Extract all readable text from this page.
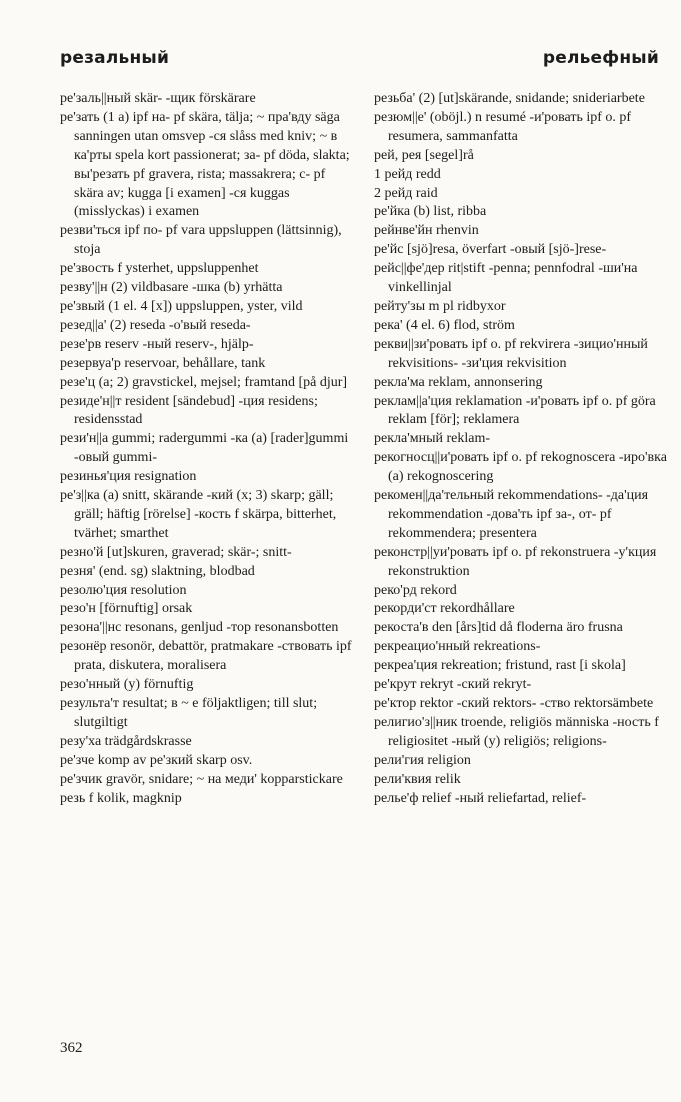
резальный	рельефный

ре'заль||ный skär- -щик förskärare

ре'зать (1 a) ipf на- pf skära, tälja; ~ пра'вду säga sanningen utan omsvep -ся slåss med kniv; ~ в ка'рты spela kort passionerat; за- pf döda, slakta; вы'резать pf gravera, rista; massakrera; с- pf skära av; kugga [i examen] -ся kuggas (misslyckas) i examen

резви'ться ipf по- pf vara uppsluppen (lättsinnig), stoja

ре'звость f ysterhet, uppsluppenhet

резву'||н (2) vildbasare -шка (b) yrhätta

ре'звый (1 el. 4 [x]) uppsluppen, yster, vild

резед||а' (2) reseda -о'вый reseda-

резе'рв reserv -ный reserv-, hjälp-

резервуа'р reservoar, behållare, tank

резе'ц (a; 2) gravstickel, mejsel; framtand [på djur]

резиде'н||т resident [sändebud] -ция residens; residensstad

рези'н||а gummi; radergummi -ка (a) [rader]gummi -овый gummi-

резинья'ция resignation

ре'з||ка (a) snitt, skärande -кий (x; 3) skarp; gäll; gräll; häftig [rörelse] -кость f skärpa, bitterhet, tvärhet; smarthet

резно'й [ut]skuren, graverad; skär-; snitt-

резня' (end. sg) slaktning, blodbad

резолю'ция resolution

резо'н [förnuftig] orsak

резона'||нс resonans, genljud -тор resonansbotten

резонёр resonör, debattör, pratmakare -ствовать ipf prata, diskutera, moralisera

резо'нный (y) förnuftig

результа'т resultat; в ~ е följaktligen; till slut; slutgiltigt

резу'ха trädgårdskrasse

ре'зче komp av ре'зкий skarp osv.

ре'зчик gravör, snidare; ~ на меди' kopparstickare

резь f kolik, magknip

резьба' (2) [ut]skärande, snidande; snideriarbete

резюм||е' (oböjl.) n resumé -и'ровать ipf o. pf resumera, sammanfatta

рей, рея [segel]rå

1 рейд redd

2 рейд raid

ре'йка (b) list, ribba

рейнве'йн rhenvin

ре'йс [sjö]resa, överfart -овый [sjö-]rese-

рейс||фе'дер rit|stift -penna; pennfodral -ши'на vinkellinjal

рейту'зы m pl ridbyxor

река' (4 el. 6) flod, ström

рекви||зи'ровать ipf o. pf rekvirera -зицио'нный rekvisitions- -зи'ция rekvisition

рекла'ма reklam, annonsering

реклам||а'ция reklamation -и'ровать ipf o. pf göra reklam [för]; reklamera

рекла'мный reklam-

рекогносц||и'ровать ipf o. pf rekognoscera -иро'вка (a) rekognoscering

рекомен||да'тельный rekommendations- -да'ция rekommendation -дова'ть ipf за-, от- pf rekommendera; presentera

реконстр||уи'ровать ipf o. pf rekonstruera -у'кция rekonstruktion

реко'рд rekord

рекорди'ст rekordhållare

рекоста'в den [års]tid då floderna äro frusna

рекреацио'нный rekreations-

рекреа'ция rekreation; fristund, rast [i skola]

ре'крут rekryt -ский rekryt-

ре'ктор rektor -ский rektors- -ство rektorsämbete

религио'з||ник troende, religiös människa -ность f religiositet -ный (y) religiös; religions-

рели'гия religion

рели'квия relik

релье'ф relief -ный reliefartad, relief-

362
